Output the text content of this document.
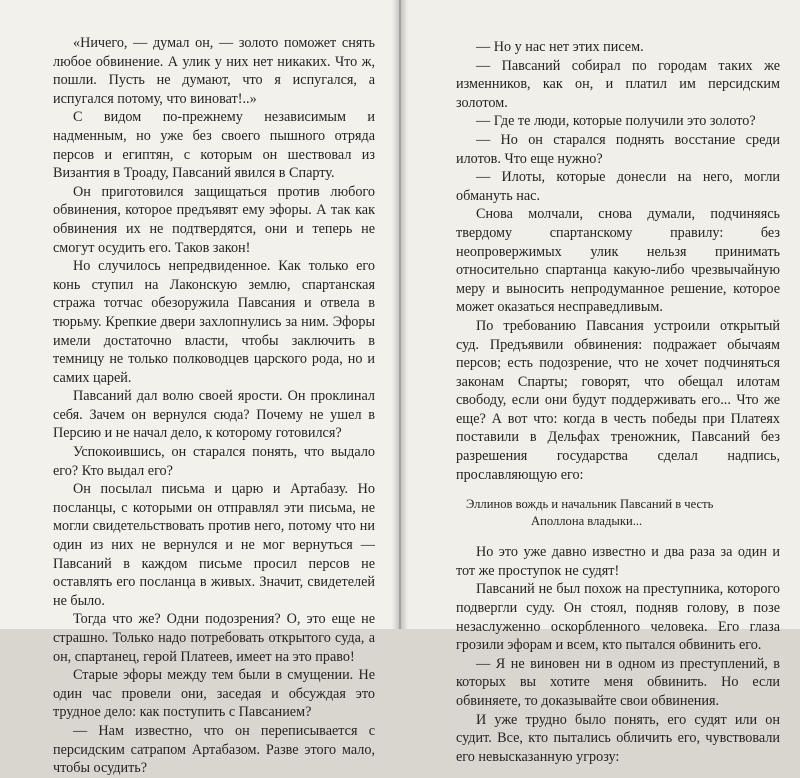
«Ничего, — думал он, — золото поможет снять любое обвинение. А улик у них нет никаких. Что ж, пошли. Пусть не думают, что я испугался, а испугался потому, что виноват!..»

С видом по-прежнему независимым и надменным, но уже без своего пышного отряда персов и египтян, с которым он шествовал из Византия в Троаду, Павсаний явился в Спарту.

Он приготовился защищаться против любого обвинения, которое предъявят ему эфоры. А так как обвинения их не подтвердятся, они и теперь не смогут осудить его. Таков закон!

Но случилось непредвиденное. Как только его конь ступил на Лаконскую землю, спартанская стража тотчас обезоружила Павсания и отвела в тюрьму. Крепкие двери захлопнулись за ним. Эфоры имели достаточно власти, чтобы заключить в темницу не только полководцев царского рода, но и самих царей.

Павсаний дал волю своей ярости. Он проклинал себя. Зачем он вернулся сюда? Почему не ушел в Персию и не начал дело, к которому готовился?

Успокоившись, он старался понять, что выдало его? Кто выдал его?

Он посылал письма и царю и Артабазу. Но посланцы, с которыми он отправлял эти письма, не могли свидетельствовать против него, потому что ни один из них не вернулся и не мог вернуться — Павсаний в каждом письме просил персов не оставлять его посланца в живых. Значит, свидетелей не было.

Тогда что же? Одни подозрения? О, это еще не страшно. Только надо потребовать открытого суда, а он, спартанец, герой Платеев, имеет на это право!

Старые эфоры между тем были в смущении. Не один час провели они, заседая и обсуждая это трудное дело: как поступить с Павсанием?

— Нам известно, что он переписывается с персидским сатрапом Артабазом. Разве этого мало, чтобы осудить?

— Но у нас нет этих писем.

— Павсаний собирал по городам таких же изменников, как он, и платил им персидским золотом.

— Где те люди, которые получили это золото?

— Но он старался поднять восстание среди илотов. Что еще нужно?

— Илоты, которые донесли на него, могли обмануть нас.

Снова молчали, снова думали, подчиняясь твердому спартанскому правилу: без неопровержимых улик нельзя принимать относительно спартанца какую-либо чрезвычайную меру и выносить непродуманное решение, которое может оказаться несправедливым.

По требованию Павсания устроили открытый суд. Предъявили обвинения: подражает обычаям персов; есть подозрение, что не хочет подчиняться законам Спарты; говорят, что обещал илотам свободу, если они будут поддерживать его... Что же еще? А вот что: когда в честь победы при Платеях поставили в Дельфах треножник, Павсаний без разрешения государства сделал надпись, прославляющую его:

Эллинов вождь и начальник Павсаний в честь
Аполлона владыки...

Но это уже давно известно и два раза за один и тот же проступок не судят!

Павсаний не был похож на преступника, которого подвергли суду. Он стоял, подняв голову, в позе незаслуженно оскорбленного человека. Его глаза грозили эфорам и всем, кто пытался обвинить его.

— Я не виновен ни в одном из преступлений, в которых вы хотите меня обвинить. Но если обвиняете, то доказывайте свои обвинения.

И уже трудно было понять, его судят или он судит. Все, кто пытались обличить его, чувствовали его невысказанную угрозу:
